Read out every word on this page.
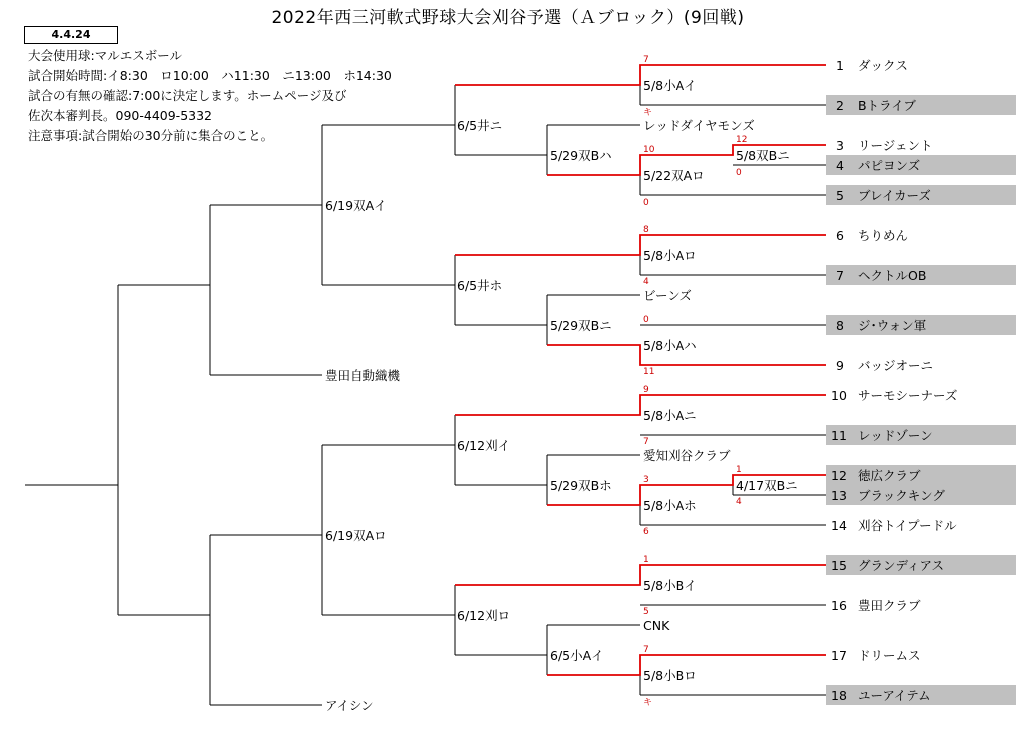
2022年西三河軟式野球大会刈谷予選（Ａブロック）(9回戦)
4.4.24
大会使用球:マルエスボール
試合開始時間:イ8:30　ロ10:00　ハ11:30　ニ13:00　ホ14:30
試合の有無の確認:7:00に決定します。ホームページ及び
佐次本審判長。090-4409-5332
注意事項:試合開始の30分前に集合のこと。
5/8小Aイ
5/8双Bニ
5/22双Aロ
5/29双Bハ
6/5井ニ
5/8小Aロ
5/8小Aハ
5/29双Bニ
6/5井ホ
6/19双Aイ
5/8小Aニ
4/17双Bニ
5/8小Aホ
5/29双Bホ
6/12刈イ
5/8小Bイ
5/8小Bロ
6/5小Aイ
6/12刈ロ
6/19双Aロ
レッドダイヤモンズ
ビーンズ
愛知刈谷クラブ
CNK
豊田自動織機
アイシン
7
キ
12
0
10
0
8
4
0
11
9
7
1
4
3
6
1
5
7
キ
1 ダックス
2 Bトライブ
3 リージェント
4 パピヨンズ
5 ブレイカーズ
6 ちりめん
7 ヘクトルOB
8 ジ･ウォン軍
9 バッジオーニ
10 サーモシーナーズ
11 レッドゾーン
12 徳広クラブ
13 ブラックキング
14 刈谷トイプードル
15 グランディアス
16 豊田クラブ
17 ドリームス
18 ユーアイテム
